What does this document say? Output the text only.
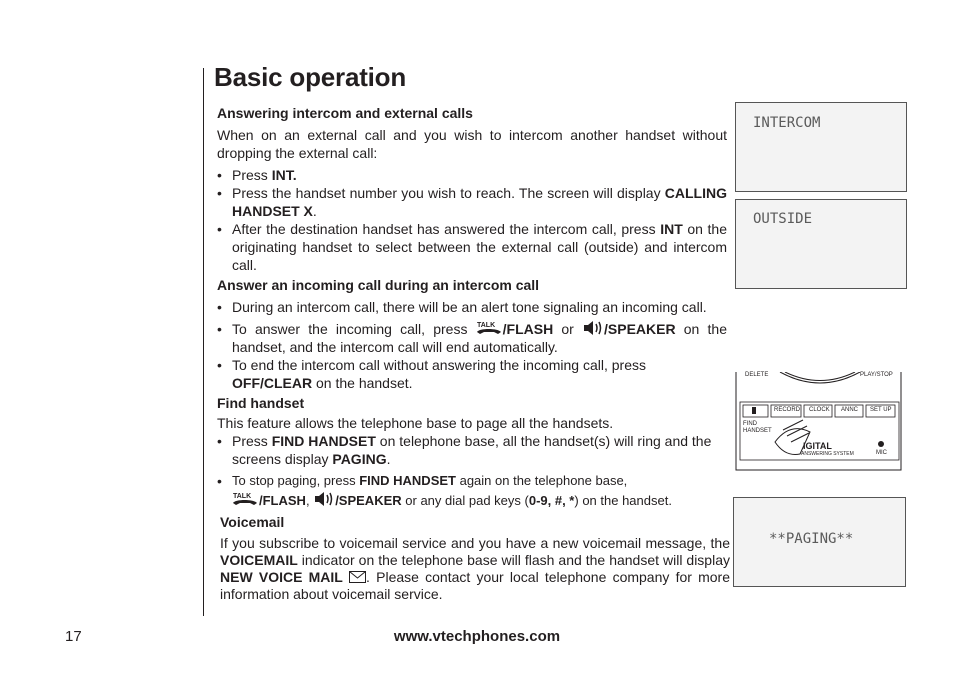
Basic operation

Answering intercom and external calls

When on an external call and you wish to intercom another handset without dropping the external call:

• Press INT.
• Press the handset number you wish to reach. The screen will display CALLING HANDSET X.
• After the destination handset has answered the intercom call, press INT on the originating handset to select between the external call (outside) and intercom call.

Answer an incoming call during an intercom call

• During an intercom call, there will be an alert tone signaling an incoming call.
• To answer the incoming call, press TALK /FLASH or /SPEAKER on the handset, and the intercom call will end automatically.
• To end the intercom call without answering the incoming call, press OFF/CLEAR on the handset.

Find handset

This feature allows the telephone base to page all the handsets.

• Press FIND HANDSET on telephone base, all the handset(s) will ring and the screens display PAGING.
• To stop paging, press FIND HANDSET again on the telephone base,

TALK /FLASH, /SPEAKER or any dial pad keys (0-9, #, *) on the handset.

Voicemail

If you subscribe to voicemail service and you have a new voicemail message, the VOICEMAIL indicator on the telephone base will flash and the handset will display NEW VOICE MAIL . Please contact your local telephone company for more information about voicemail service.

INTERCOM
OUTSIDE
**PAGING**
DELETE	PLAY/STOP
RECORD CLOCK ANNC SET UP
FIND
HANDSET
IGITAL
ANSWERING SYSTEM	MIC
17	www.vtechphones.com
